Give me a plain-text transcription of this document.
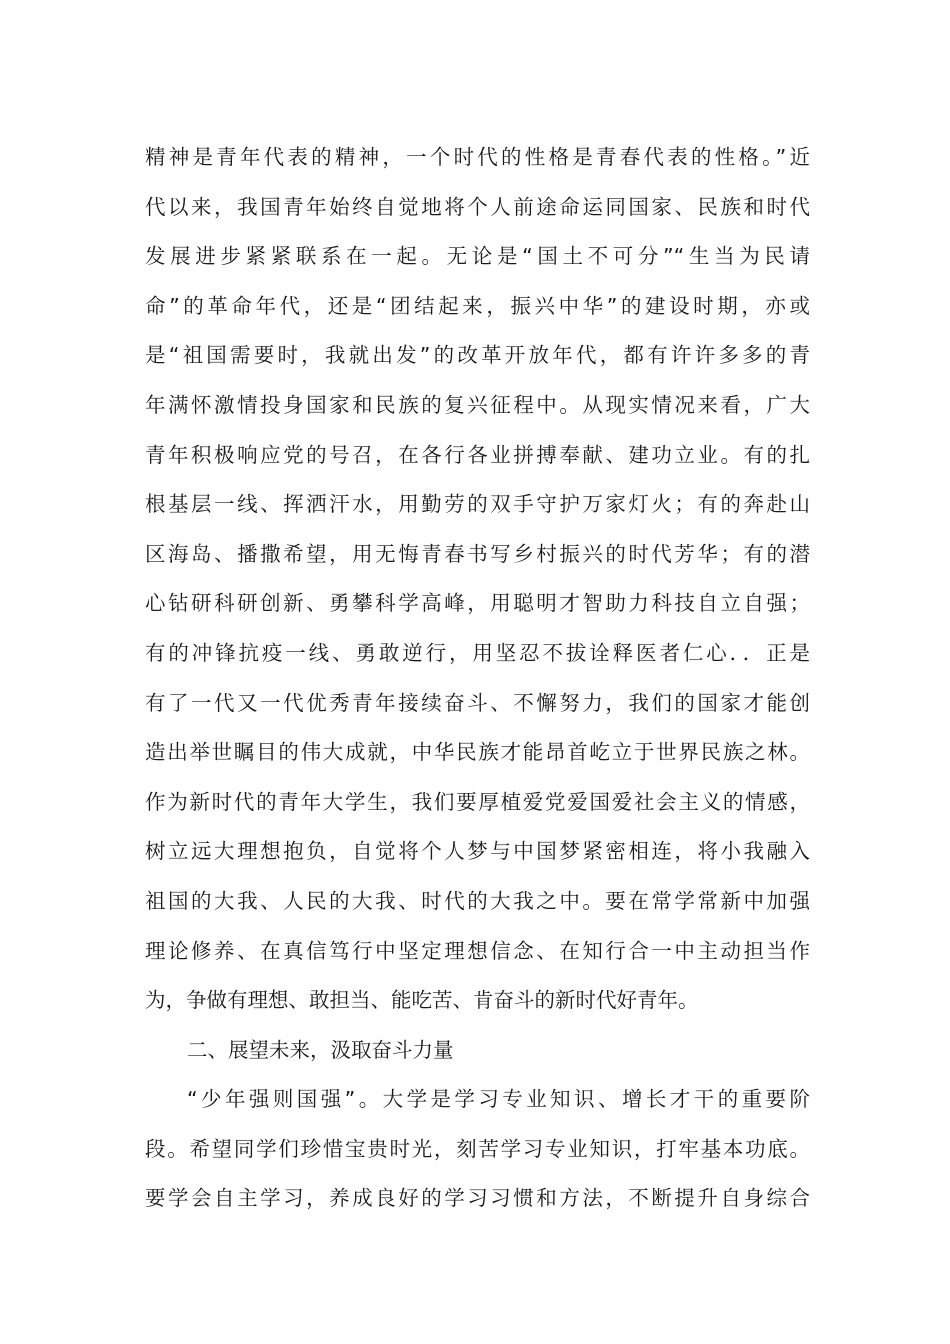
精神是青年代表的精神，一个时代的性格是青春代表的性格。”近
代以来，我国青年始终自觉地将个人前途命运同国家、民族和时代
发展进步紧紧联系在一起。无论是“国土不可分”“生当为民请
命”的革命年代，还是“团结起来，振兴中华”的建设时期，亦或
是“祖国需要时，我就出发”的改革开放年代，都有许许多多的青
年满怀激情投身国家和民族的复兴征程中。从现实情况来看，广大
青年积极响应党的号召，在各行各业拼搏奉献、建功立业。有的扎
根基层一线、挥洒汗水，用勤劳的双手守护万家灯火；有的奔赴山
区海岛、播撒希望，用无悔青春书写乡村振兴的时代芳华；有的潜
心钻研科研创新、勇攀科学高峰，用聪明才智助力科技自立自强；
有的冲锋抗疫一线、勇敢逆行，用坚忍不拔诠释医者仁心．．正是
有了一代又一代优秀青年接续奋斗、不懈努力，我们的国家才能创
造出举世瞩目的伟大成就，中华民族才能昂首屹立于世界民族之林。
作为新时代的青年大学生，我们要厚植爱党爱国爱社会主义的情感，
树立远大理想抱负，自觉将个人梦与中国梦紧密相连，将小我融入
祖国的大我、人民的大我、时代的大我之中。要在常学常新中加强
理论修养、在真信笃行中坚定理想信念、在知行合一中主动担当作
为，争做有理想、敢担当、能吃苦、肯奋斗的新时代好青年。
二、展望未来，汲取奋斗力量
“少年强则国强”。大学是学习专业知识、增长才干的重要阶
段。希望同学们珍惜宝贵时光，刻苦学习专业知识，打牢基本功底。
要学会自主学习，养成良好的学习习惯和方法，不断提升自身综合
